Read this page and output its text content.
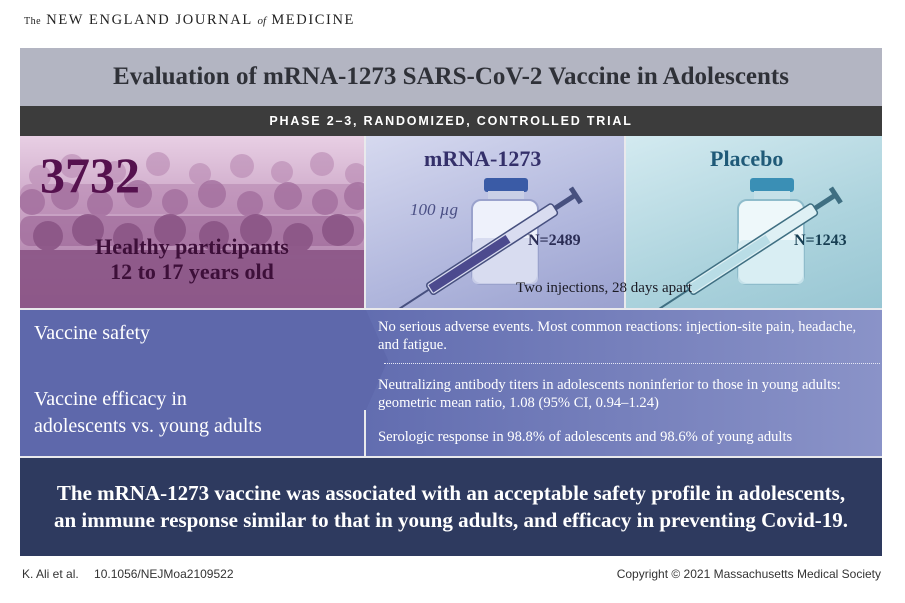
The NEW ENGLAND JOURNAL of MEDICINE
Evaluation of mRNA-1273 SARS-CoV-2 Vaccine in Adolescents
PHASE 2–3, RANDOMIZED, CONTROLLED TRIAL
3732
Healthy participants
12 to 17 years old
mRNA-1273
100 µg
N=2489
Placebo
N=1243
Two injections, 28 days apart
Vaccine safety
Vaccine efficacy in
adolescents vs. young adults
No serious adverse events. Most common reactions: injection-site pain, headache, and fatigue.
Neutralizing antibody titers in adolescents noninferior to those in young adults: geometric mean ratio, 1.08 (95% CI, 0.94–1.24)
Serologic response in 98.8% of adolescents and 98.6% of young adults
The mRNA-1273 vaccine was associated with an acceptable safety profile in adolescents,
an immune response similar to that in young adults, and efficacy in preventing Covid-19.
K. Ali et al. 10.1056/NEJMoa2109522	Copyright © 2021 Massachusetts Medical Society
